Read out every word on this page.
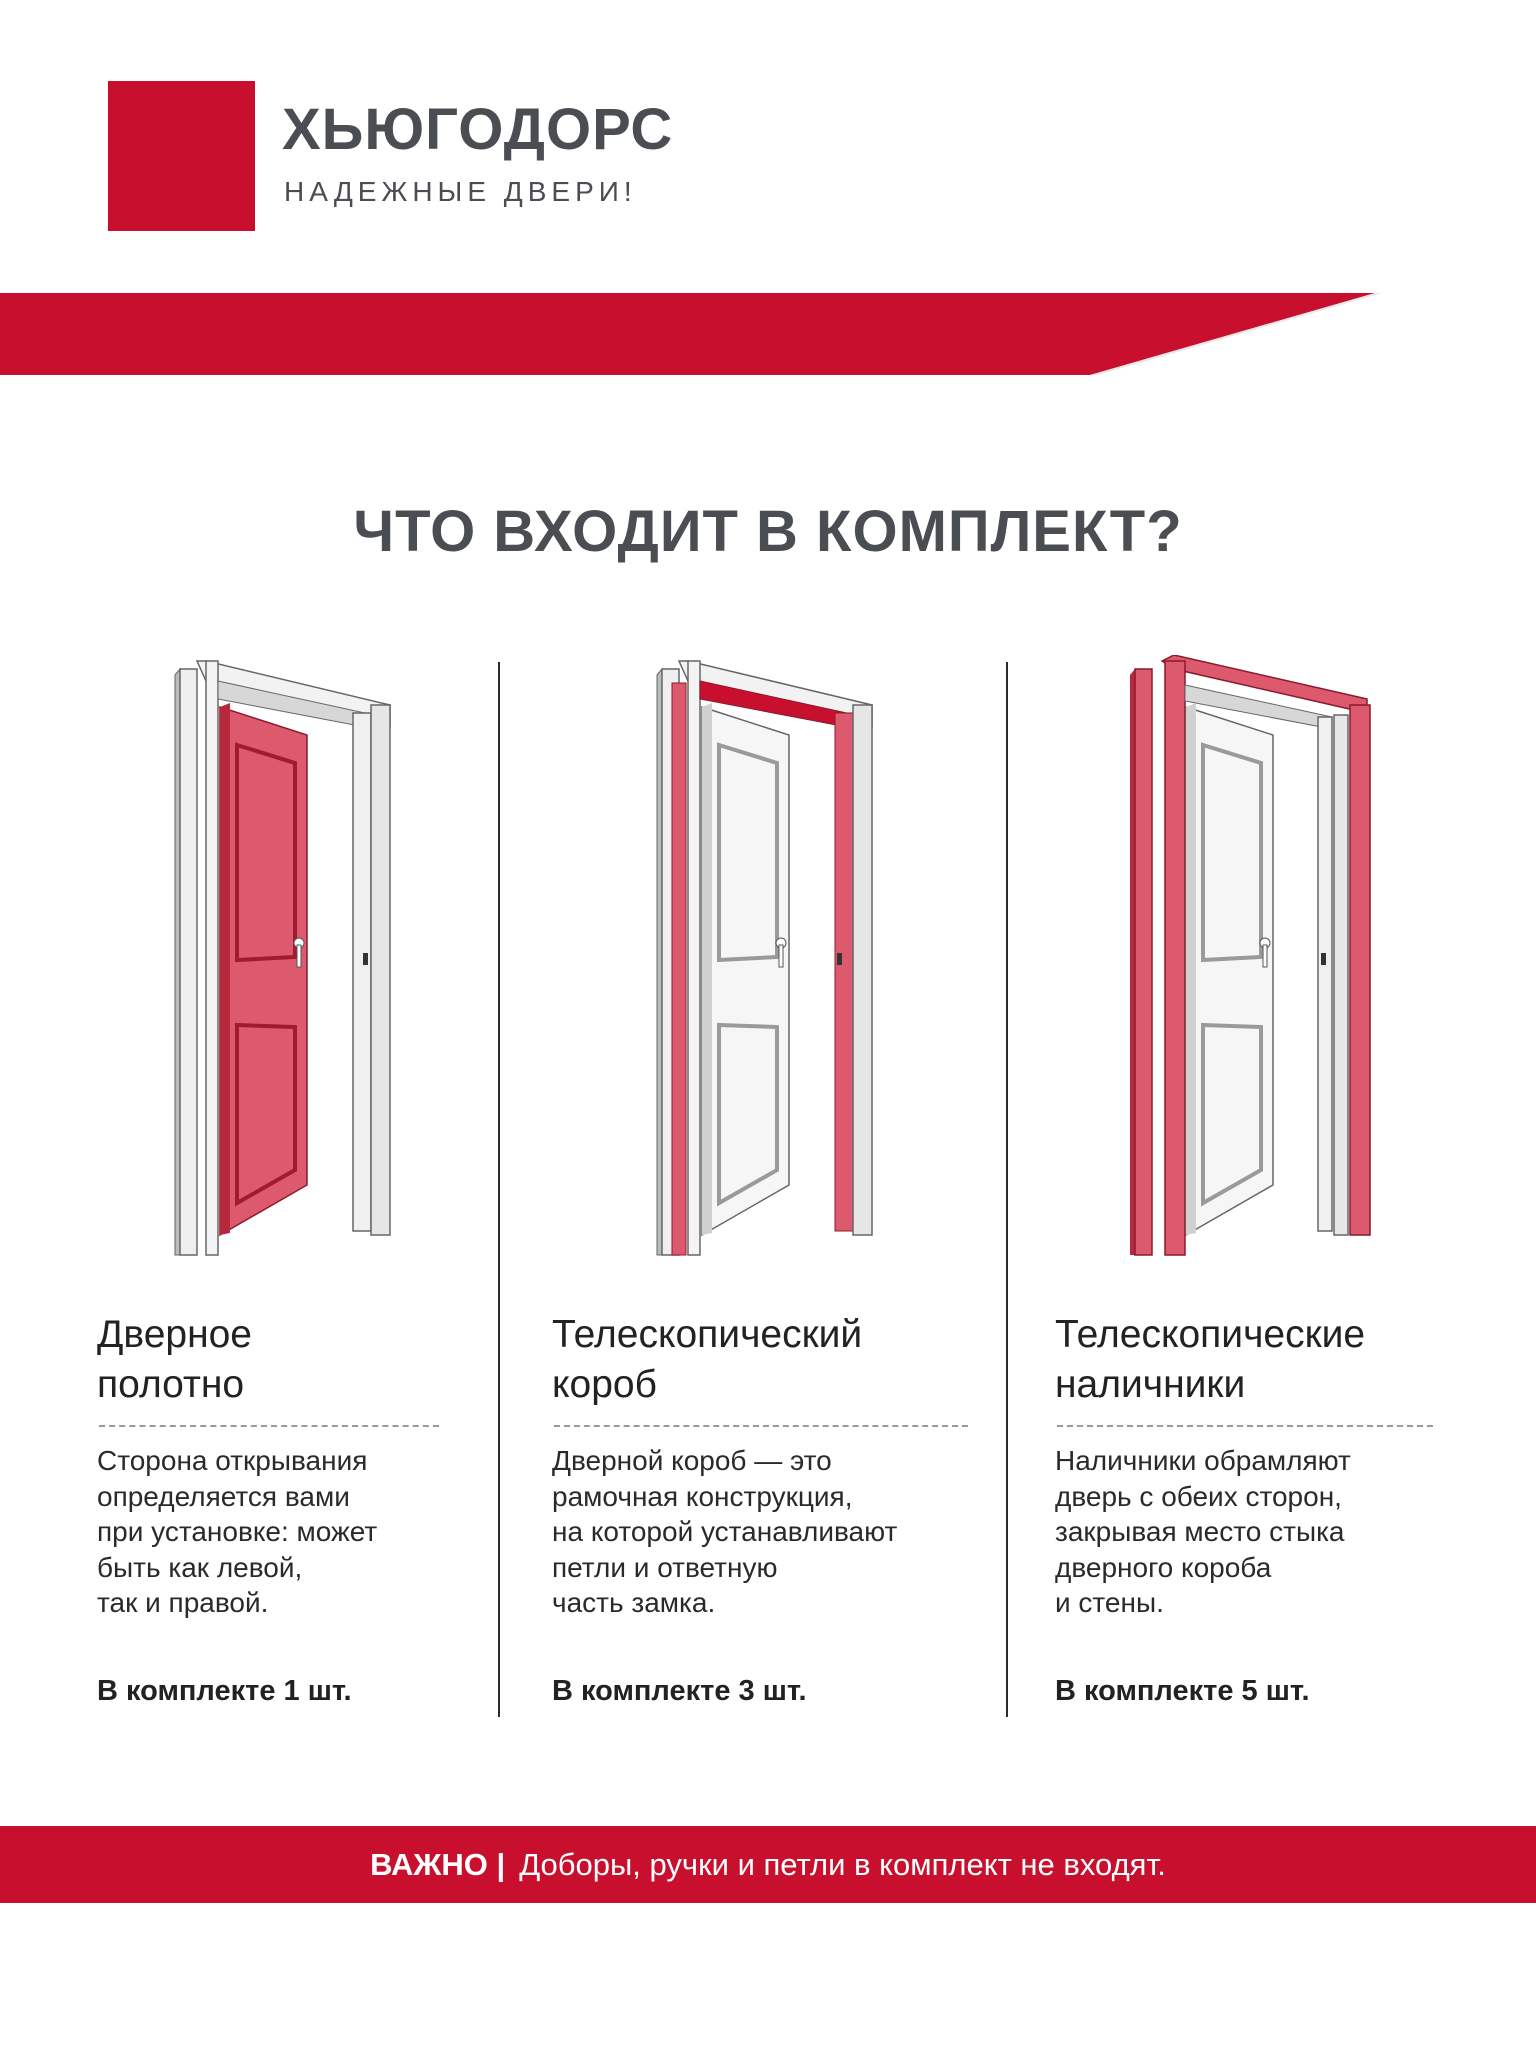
ХЬЮГОДОРС
НАДЕЖНЫЕ ДВЕРИ!
ЧТО ВХОДИТ В КОМПЛЕКТ?
Дверное
полотно
Сторона открывания
определяется вами
при установке: может
быть как левой,
так и правой.
В комплекте 1 шт.
Телескопический
короб
Дверной короб — это
рамочная конструкция,
на которой устанавливают
петли и ответную
часть замка.
В комплекте 3 шт.
Телескопические
наличники
Наличники обрамляют
дверь с обеих сторон,
закрывая место стыка
дверного короба
и стены.
В комплекте 5 шт.
ВАЖНО | Доборы, ручки и петли в комплект не входят.
